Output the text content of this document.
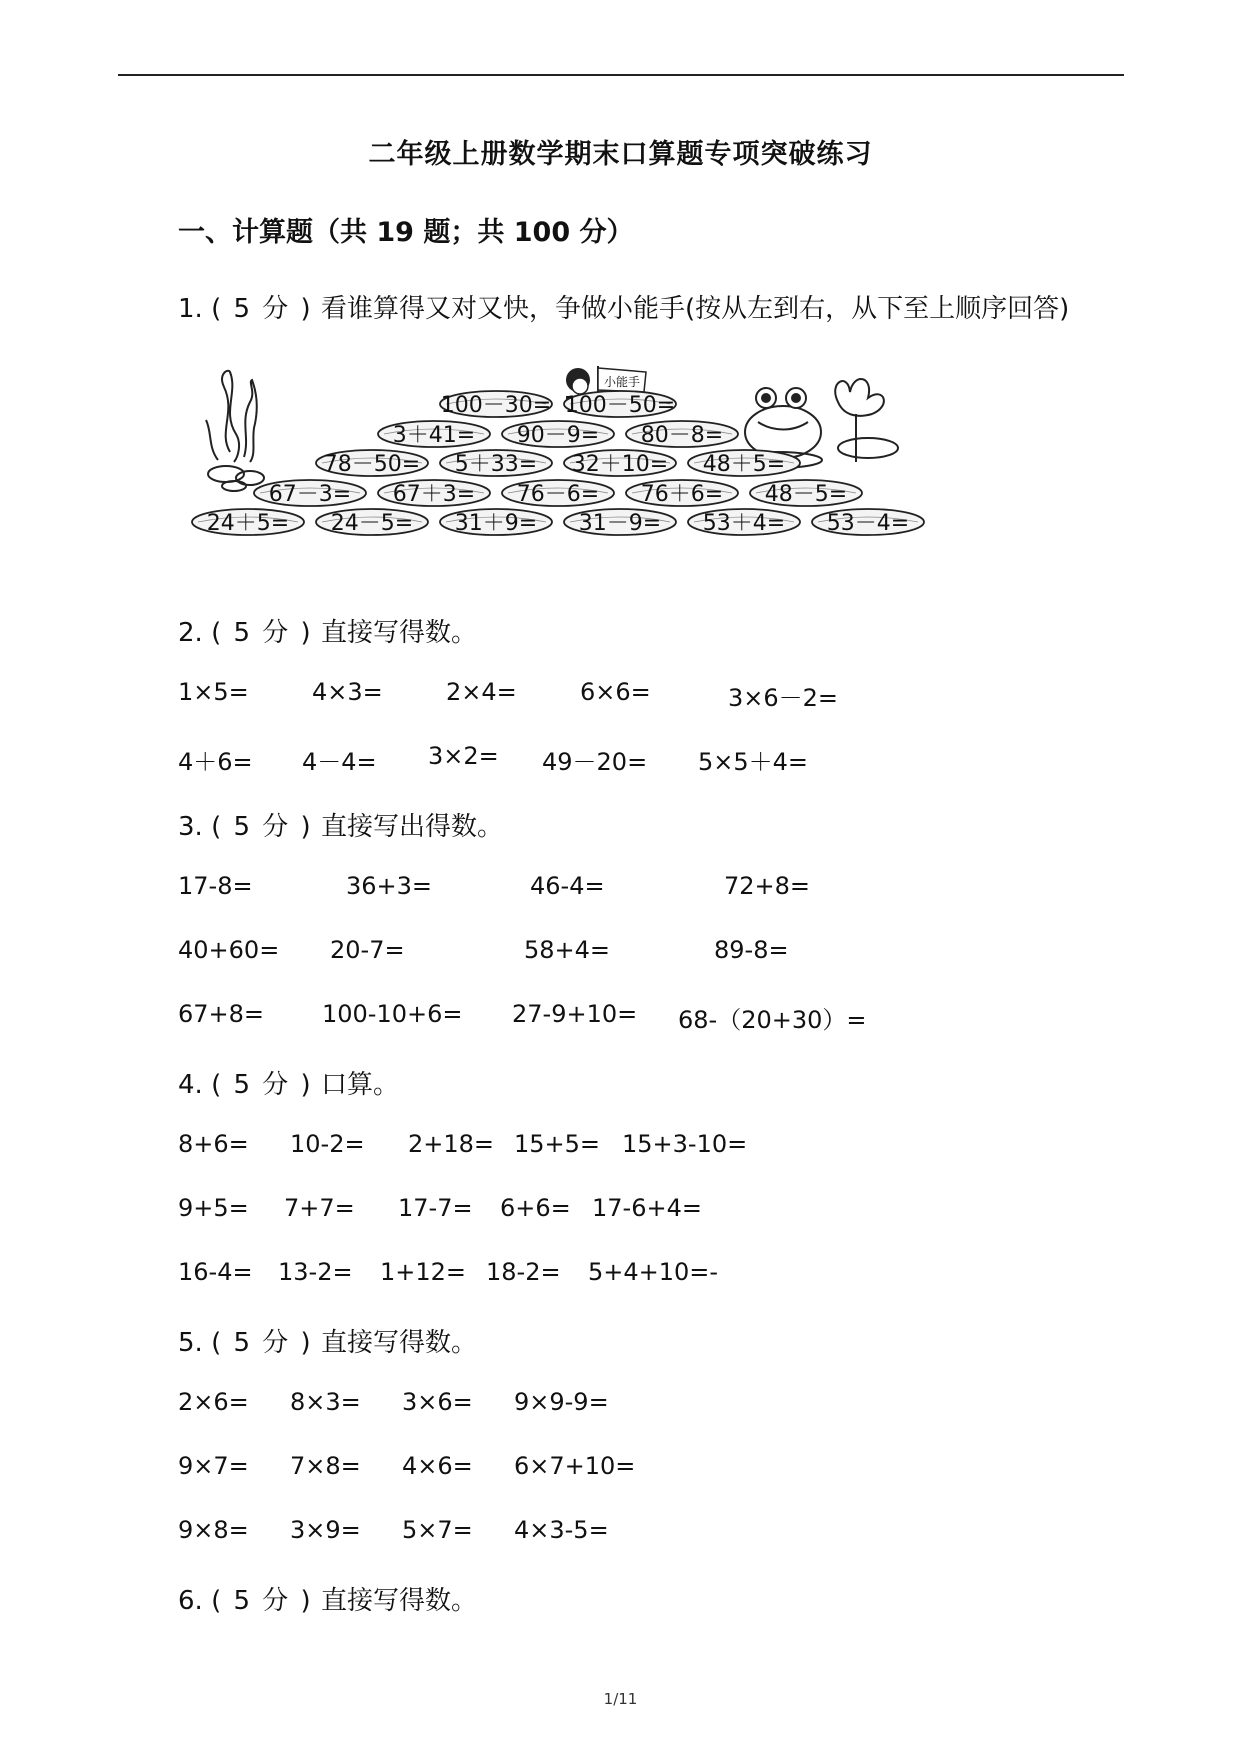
二年级上册数学期末口算题专项突破练习
一、计算题（共 19 题；共 100 分）
1. ( 5 分 ) 看谁算得又对又快，争做小能手(按从左到右，从下至上顺序回答)
小能手
100－30= 100－50=
3＋41= 90－9= 80－8=
78－50= 5＋33= 32＋10= 48＋5=
67－3= 67＋3= 76－6= 76＋6= 48－5=
24＋5= 24－5= 31＋9= 31－9= 53＋4= 53－4=
2. ( 5 分 ) 直接写得数。
1×5=	4×3=	2×4=	6×6=	3×6－2=
4＋6= 4－4= 3×2= 49－20= 5×5＋4=
3. ( 5 分 ) 直接写出得数。
17-8=	36+3=	46-4=	72+8=
40+60= 20-7=	58+4=	89-8=
67+8= 100-10+6= 27-9+10= 68-（20+30）=
4. ( 5 分 ) 口算。
8+6= 10-2= 2+18= 15+5= 15+3-10=
9+5= 7+7= 17-7= 6+6= 17-6+4=
16-4= 13-2= 1+12= 18-2= 5+4+10=-
5. ( 5 分 ) 直接写得数。
2×6= 8×3= 3×6= 9×9-9=
9×7= 7×8= 4×6= 6×7+10=
9×8= 3×9= 5×7= 4×3-5=
6. ( 5 分 ) 直接写得数。
1/11
